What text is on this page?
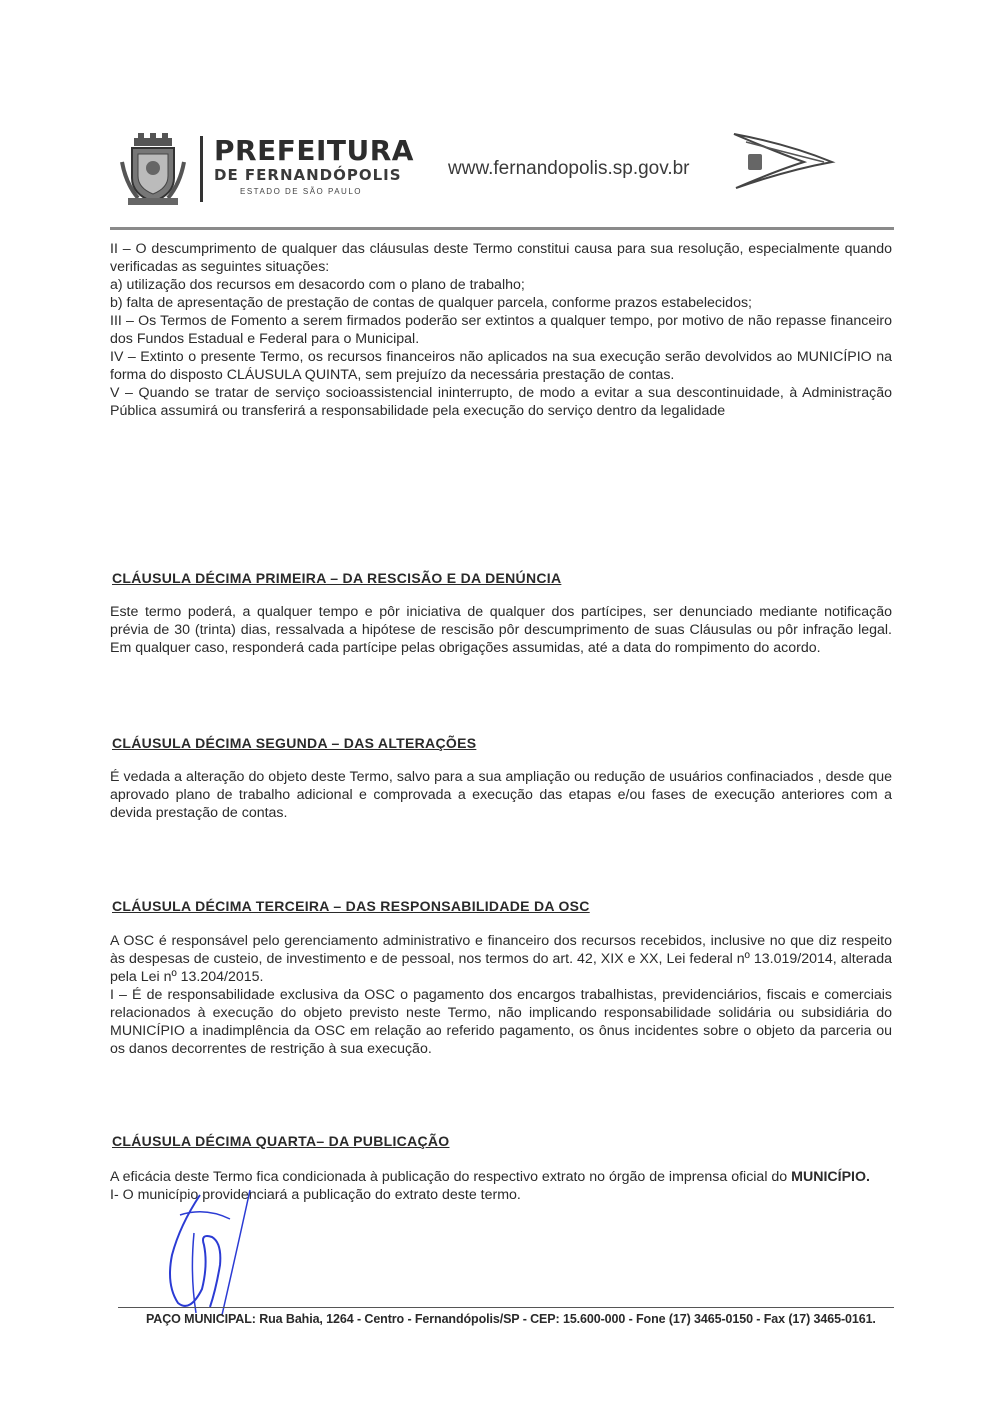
PREFEITURA
DE FERNANDÓPOLIS
ESTADO DE SÃO PAULO
www.fernandopolis.sp.gov.br

II – O descumprimento de qualquer das cláusulas deste Termo constitui causa para sua resolução, especialmente quando verificadas as seguintes situações:

a) utilização dos recursos em desacordo com o plano de trabalho;

b) falta de apresentação de prestação de contas de qualquer parcela, conforme prazos estabelecidos;

III – Os Termos de Fomento a serem firmados poderão ser extintos a qualquer tempo, por motivo de não repasse financeiro dos Fundos Estadual e Federal para o Municipal.

IV – Extinto o presente Termo, os recursos financeiros não aplicados na sua execução serão devolvidos ao MUNICÍPIO na forma do disposto CLÁUSULA QUINTA, sem prejuízo da necessária prestação de contas.

V – Quando se tratar de serviço socioassistencial ininterrupto, de modo a evitar a sua descontinuidade, à Administração Pública assumirá ou transferirá a responsabilidade pela execução do serviço dentro da legalidade

CLÁUSULA DÉCIMA PRIMEIRA – DA RESCISÃO E DA DENÚNCIA

Este termo poderá, a qualquer tempo e pôr iniciativa de qualquer dos partícipes, ser denunciado mediante notificação prévia de 30 (trinta) dias, ressalvada a hipótese de rescisão pôr descumprimento de suas Cláusulas ou pôr infração legal. Em qualquer caso, responderá cada partícipe pelas obrigações assumidas, até a data do rompimento do acordo.

CLÁUSULA DÉCIMA SEGUNDA – DAS ALTERAÇÕES

É vedada a alteração do objeto deste Termo, salvo para a sua ampliação ou redução de usuários confinaciados , desde que aprovado plano de trabalho adicional e comprovada a execução das etapas e/ou fases de execução anteriores com a devida prestação de contas.

CLÁUSULA DÉCIMA TERCEIRA – DAS RESPONSABILIDADE DA OSC

A OSC é responsável pelo gerenciamento administrativo e financeiro dos recursos recebidos, inclusive no que diz respeito às despesas de custeio, de investimento e de pessoal, nos termos do art. 42, XIX e XX, Lei federal nº 13.019/2014, alterada pela Lei nº 13.204/2015.

I – É de responsabilidade exclusiva da OSC o pagamento dos encargos trabalhistas, previdenciários, fiscais e comerciais relacionados à execução do objeto previsto neste Termo, não implicando responsabilidade solidária ou subsidiária do MUNICÍPIO a inadimplência da OSC em relação ao referido pagamento, os ônus incidentes sobre o objeto da parceria ou os danos decorrentes de restrição à sua execução.

CLÁUSULA DÉCIMA QUARTA– DA PUBLICAÇÃO

A eficácia deste Termo fica condicionada à publicação do respectivo extrato no órgão de imprensa oficial do MUNICÍPIO.

I- O município providenciará a publicação do extrato deste termo.

PAÇO MUNICIPAL: Rua Bahia, 1264 - Centro - Fernandópolis/SP - CEP: 15.600-000 - Fone (17) 3465-0150 - Fax (17) 3465-0161.
